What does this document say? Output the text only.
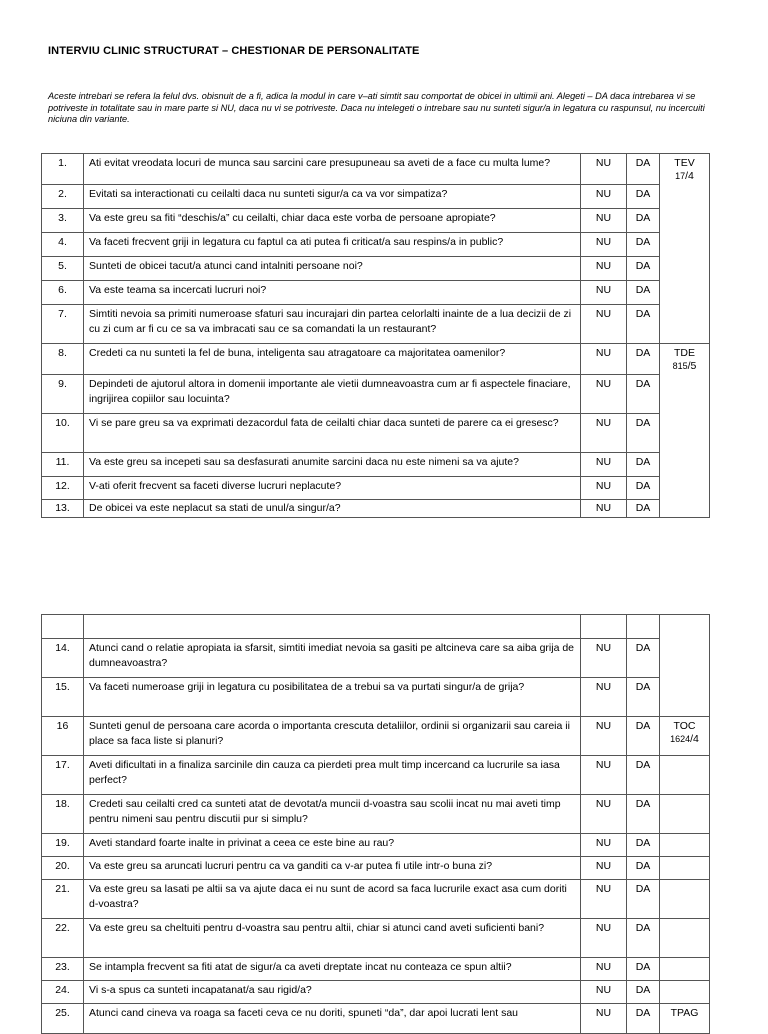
INTERVIU CLINIC STRUCTURAT – CHESTIONAR DE PERSONALITATE
Aceste intrebari se refera la felul dvs. obisnuit de a fi, adica la modul in care v–ati simtit sau comportat de obicei in ultimii ani. Alegeti – DA daca intrebarea vi se potriveste in totalitate sau in mare parte si NU, daca nu vi se potriveste. Daca nu intelegeti o intrebare sau nu sunteti sigur/a in legatura cu raspunsul, nu incercuiti niciuna din variante.
1.	Ati evitat vreodata locuri de munca sau sarcini care presupuneau sa aveti de a face cu multa lume?	NU	DA	TEV
17/4

2.	Evitati sa interactionati cu ceilalti daca nu sunteti sigur/a ca va vor simpatiza?	NU	DA	
3.	Va este greu sa fiti “deschis/a” cu ceilalti, chiar daca este vorba de persoane apropiate?	NU	DA	
4.	Va faceti frecvent griji in legatura cu faptul ca ati putea fi criticat/a sau respins/a in public?	NU	DA	
5.	Sunteti de obicei tacut/a atunci cand intalniti persoane noi?	NU	DA	
6.	Va este teama sa incercati lucruri noi?	NU	DA	
7.	Simtiti nevoia sa primiti numeroase sfaturi sau incurajari din partea celorlalti inainte de a lua decizii de zi cu zi cum ar fi cu ce sa va imbracati sau ce sa comandati la un restaurant?	NU	DA	
8.	Credeti ca nu sunteti la fel de buna, inteligenta sau atragatoare ca majoritatea oamenilor?	NU	DA	TDE
815/5

9.	Depindeti de ajutorul altora in domenii importante ale vietii dumneavoastra cum ar fi aspectele finaciare, ingrijirea copiilor sau locuinta?	NU	DA	
10.	Vi se pare greu sa va exprimati dezacordul fata de ceilalti chiar daca sunteti de parere ca ei gresesc?	NU	DA	
11.	Va este greu sa incepeti sau sa desfasurati anumite sarcini daca nu este nimeni sa va ajute?	NU	DA	
12.	V-ati oferit frecvent sa faceti diverse lucruri neplacute?	NU	DA	
13.	De obicei va este neplacut sa stati de unul/a singur/a?	NU	DA	

14.	Atunci cand o relatie apropiata ia sfarsit, simtiti imediat nevoia sa gasiti pe altcineva care sa aiba grija de dumneavoastra?	NU	DA	
15.	Va faceti numeroase griji in legatura cu posibilitatea de a trebui sa va purtati singur/a de grija?	NU	DA	
16	Sunteti genul de persoana care acorda o importanta crescuta detaliilor, ordinii si organizarii sau careia ii place sa faca liste si planuri?	NU	DA	TOC
1624/4

17.	Aveti dificultati in a finaliza sarcinile din cauza ca pierdeti prea mult timp incercand ca lucrurile sa iasa perfect?	NU	DA	
18.	Credeti sau ceilalti cred ca sunteti atat de devotat/a muncii d-voastra sau scolii incat nu mai aveti timp pentru nimeni sau pentru discutii pur si simplu?	NU	DA	
19.	Aveti standard foarte inalte in privinat a ceea ce este bine au rau?	NU	DA	
20.	Va este greu sa aruncati lucruri pentru ca va ganditi ca v-ar putea fi utile intr-o buna zi?	NU	DA	
21.	Va este greu sa lasati pe altii sa va ajute daca ei nu sunt de acord sa faca lucrurile exact asa cum doriti d-voastra?	NU	DA	
22.	Va este greu sa cheltuiti pentru d-voastra sau pentru altii, chiar si atunci cand aveti suficienti bani?	NU	DA	
23.	Se intampla frecvent sa fiti atat de sigur/a ca aveti dreptate incat nu conteaza ce spun altii?	NU	DA	
24.	Vi s-a spus ca sunteti incapatanat/a sau rigid/a?	NU	DA	
25.	Atunci cand cineva va roaga sa faceti ceva ce nu doriti, spuneti “da”, dar apoi lucrati lent sau	NU	DA	TPAG
